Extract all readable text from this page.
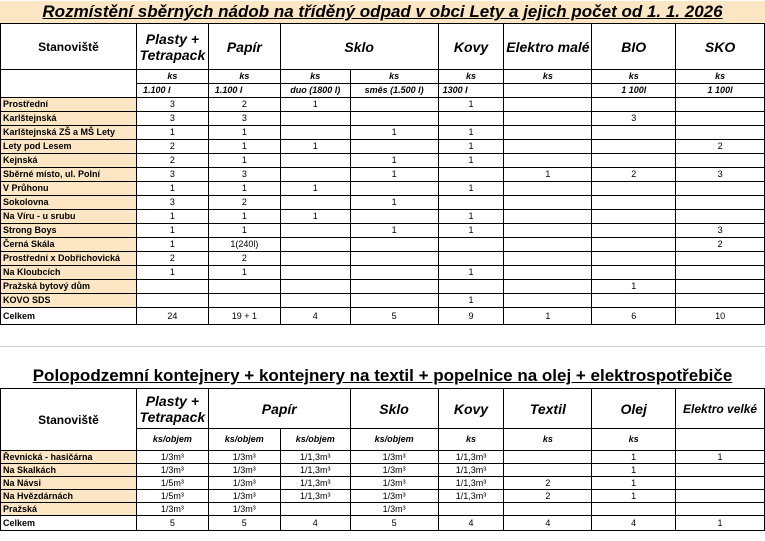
Rozmístění sběrných nádob na tříděný odpad v obci Lety a jejich počet od 1. 1. 2026
Stanoviště	Plasty + Tetrapack	Papír	Sklo		Kovy	Elektro malé	BIO	SKO
	ks	ks	ks	ks	ks	ks	ks	ks
	1.100 l	1.100 l	duo (1800 l)	směs (1.500 l)	1300 l		1 100l	1 100l
Prostřední	3	2	1		1			
Karlštejnská	3	3					3	
Karlštejnská ZŠ a MŠ Lety	1	1		1	1			
Lety pod Lesem	2	1	1		1			2
Kejnská	2	1		1	1			
Sběrné místo, ul. Polní	3	3		1		1	2	3
V Průhonu	1	1	1		1			
Sokolovna	3	2		1				
Na Víru - u srubu	1	1	1		1			
Strong Boys	1	1		1	1			3
Černá Skála	1	1(240l)						2
Prostřední x Dobřichovická	2	2						
Na Kloubcích	1	1			1			
Pražská bytový dům							1	
KOVO SDS					1			
Celkem	24	19 + 1	4	5	9	1	6	10
Polopodzemní kontejnery + kontejnery na textil + popelnice na olej + elektrospotřebiče
Stanoviště	Plasty + Tetrapack	Papír		Sklo	Kovy	Textil	Olej	Elektro velké
	ks/objem	ks/objem	ks/objem	ks/objem	ks	ks	ks	
Řevnická - hasičárna	1/3m³	1/3m³	1/1,3m³	1/3m³	1/1,3m³		1	1
Na Skalkách	1/3m³	1/3m³	1/1,3m³	1/3m³	1/1,3m³		1	
Na Návsi	1/5m³	1/3m³	1/1,3m³	1/3m³	1/1,3m³	2	1	
Na Hvězdárnách	1/5m³	1/3m³	1/1,3m³	1/3m³	1/1,3m³	2	1	
Pražská	1/3m³	1/3m³		1/3m³				
Celkem	5	5	4	5	4	4	4	1
